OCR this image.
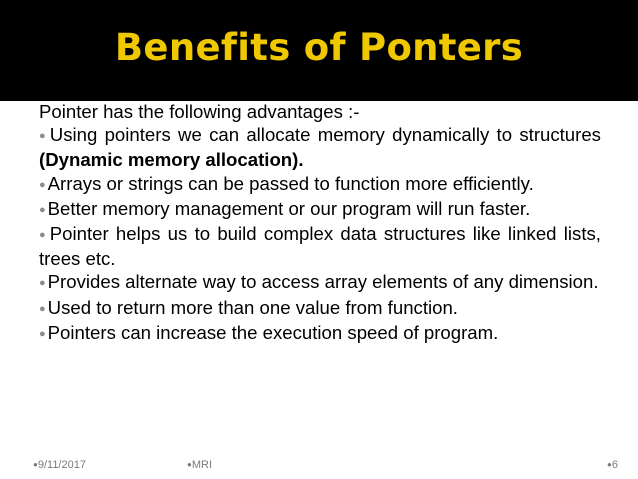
Benefits of Ponters

Pointer has the following advantages :-

● Using pointers we can allocate memory dynamically to structures (Dynamic memory allocation).

● Arrays or strings can be passed to function more efficiently.

● Better memory management or our program will run faster.

● Pointer helps us to build complex data structures like linked lists, trees etc.

● Provides alternate way to access array elements of any dimension.

● Used to return more than one value from function.

● Pointers can increase the execution speed of program.

●9/11/2017	●MRI	●6
